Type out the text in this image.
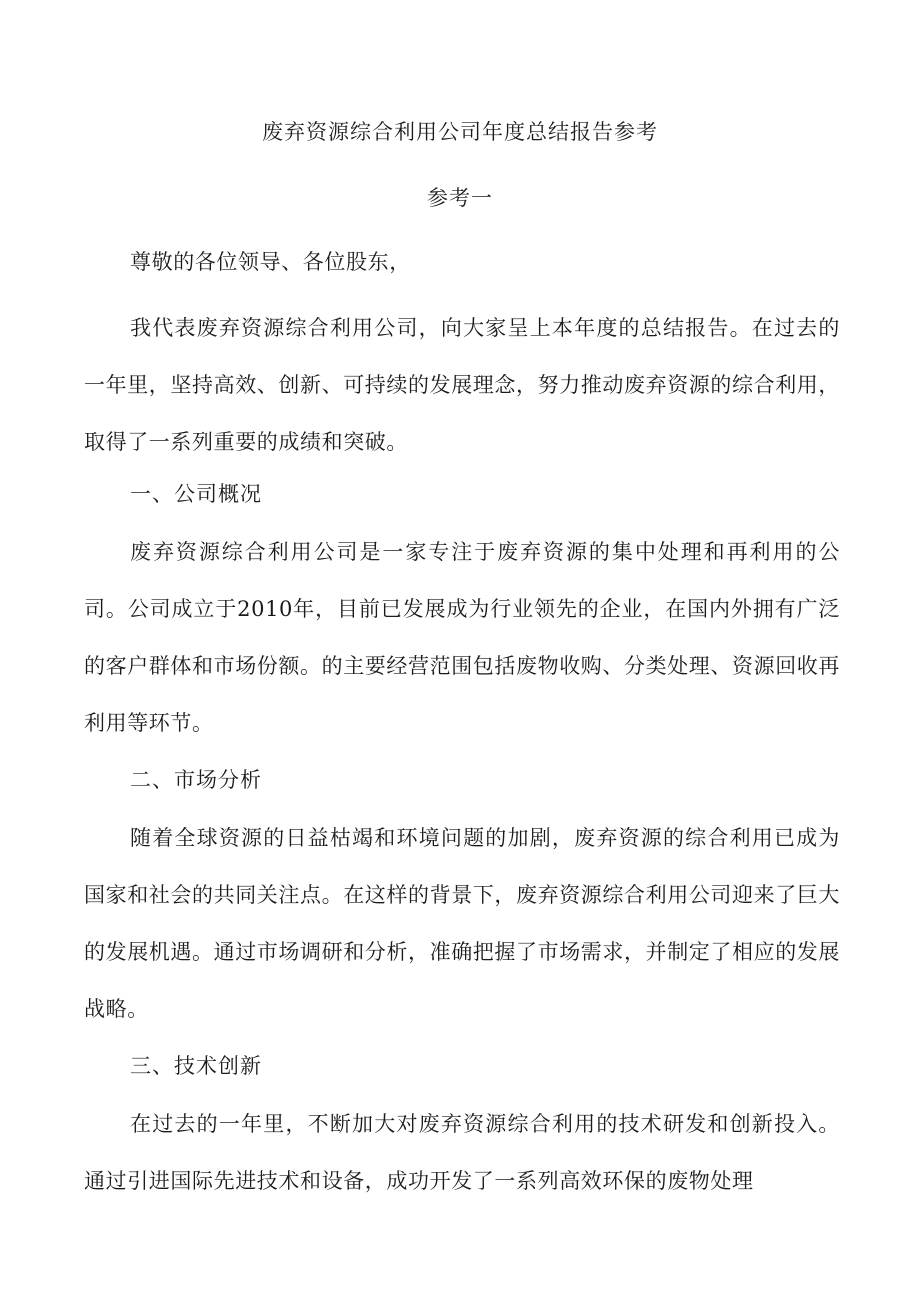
废弃资源综合利用公司年度总结报告参考
参考一

尊敬的各位领导、各位股东，

我代表废弃资源综合利用公司，向大家呈上本年度的总结报告。在过去的一年里，坚持高效、创新、可持续的发展理念，努力推动废弃资源的综合利用，取得了一系列重要的成绩和突破。

一、公司概况

废弃资源综合利用公司是一家专注于废弃资源的集中处理和再利用的公司。公司成立于2010年，目前已发展成为行业领先的企业，在国内外拥有广泛的客户群体和市场份额。的主要经营范围包括废物收购、分类处理、资源回收再利用等环节。

二、市场分析

随着全球资源的日益枯竭和环境问题的加剧，废弃资源的综合利用已成为国家和社会的共同关注点。在这样的背景下，废弃资源综合利用公司迎来了巨大的发展机遇。通过市场调研和分析，准确把握了市场需求，并制定了相应的发展战略。

三、技术创新

在过去的一年里，不断加大对废弃资源综合利用的技术研发和创新投入。通过引进国际先进技术和设备，成功开发了一系列高效环保的废物处理
